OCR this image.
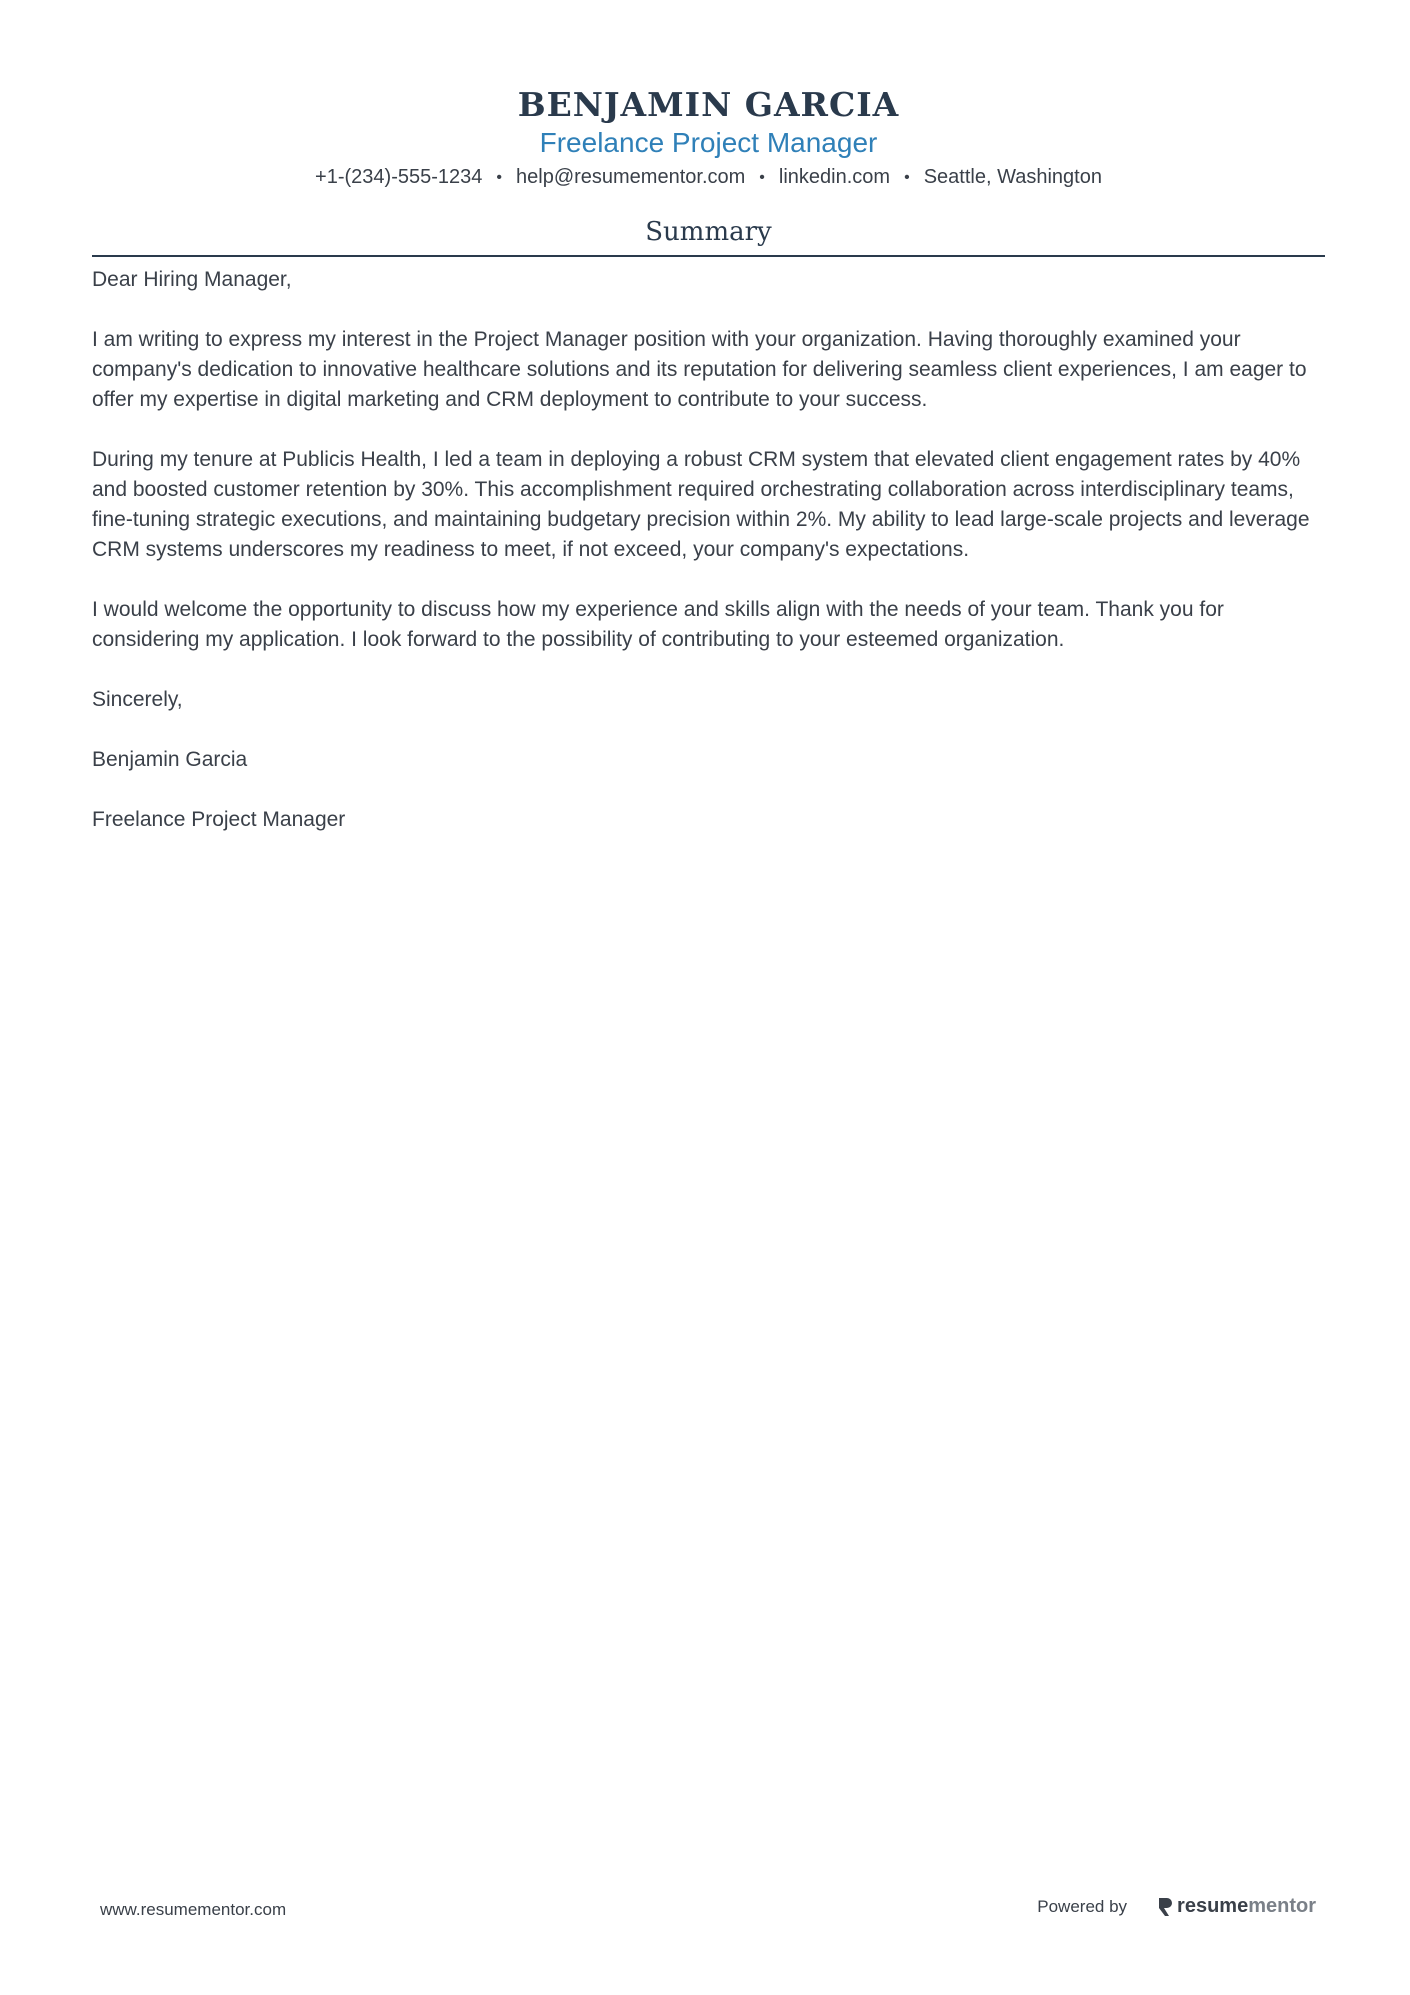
BENJAMIN GARCIA
Freelance Project Manager
+1-(234)-555-1234 • help@resumementor.com • linkedin.com • Seattle, Washington
Summary

Dear Hiring Manager,

I am writing to express my interest in the Project Manager position with your organization. Having thoroughly examined your company's dedication to innovative healthcare solutions and its reputation for delivering seamless client experiences, I am eager to offer my expertise in digital marketing and CRM deployment to contribute to your success.

During my tenure at Publicis Health, I led a team in deploying a robust CRM system that elevated client engagement rates by 40% and boosted customer retention by 30%. This accomplishment required orchestrating collaboration across interdisciplinary teams, fine-tuning strategic executions, and maintaining budgetary precision within 2%. My ability to lead large-scale projects and leverage CRM systems underscores my readiness to meet, if not exceed, your company's expectations.

I would welcome the opportunity to discuss how my experience and skills align with the needs of your team. Thank you for considering my application. I look forward to the possibility of contributing to your esteemed organization.

Sincerely,

Benjamin Garcia

Freelance Project Manager

www.resumementor.com	Powered by	resume mentor
